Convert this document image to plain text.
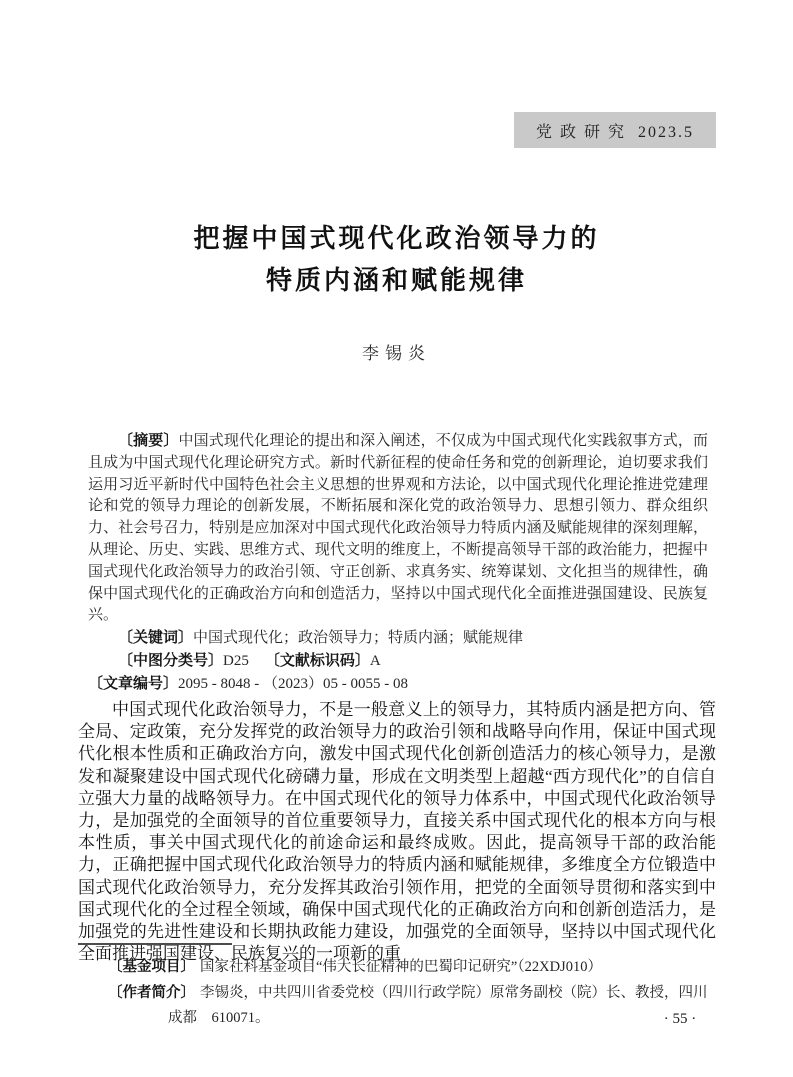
党 政 研 究  2023.5
把握中国式现代化政治领导力的
特质内涵和赋能规律
李锡炎

〔摘要〕中国式现代化理论的提出和深入阐述，不仅成为中国式现代化实践叙事方式，而且成为中国式现代化理论研究方式。新时代新征程的使命任务和党的创新理论，迫切要求我们运用习近平新时代中国特色社会主义思想的世界观和方法论，以中国式现代化理论推进党建理论和党的领导力理论的创新发展，不断拓展和深化党的政治领导力、思想引领力、群众组织力、社会号召力，特别是应加深对中国式现代化政治领导力特质内涵及赋能规律的深刻理解，从理论、历史、实践、思维方式、现代文明的维度上，不断提高领导干部的政治能力，把握中国式现代化政治领导力的政治引领、守正创新、求真务实、统筹谋划、文化担当的规律性，确保中国式现代化的正确政治方向和创造活力，坚持以中国式现代化全面推进强国建设、民族复兴。

〔关键词〕中国式现代化；政治领导力；特质内涵；赋能规律

〔中图分类号〕D25 〔文献标识码〕A〔文章编号〕2095 - 8048 - （2023）05 - 0055 - 08

中国式现代化政治领导力，不是一般意义上的领导力，其特质内涵是把方向、管全局、定政策，充分发挥党的政治领导力的政治引领和战略导向作用，保证中国式现代化根本性质和正确政治方向，激发中国式现代化创新创造活力的核心领导力，是激发和凝聚建设中国式现代化磅礴力量，形成在文明类型上超越“西方现代化”的自信自立强大力量的战略领导力。在中国式现代化的领导力体系中，中国式现代化政治领导力，是加强党的全面领导的首位重要领导力，直接关系中国式现代化的根本方向与根本性质，事关中国式现代化的前途命运和最终成败。因此，提高领导干部的政治能力，正确把握中国式现代化政治领导力的特质内涵和赋能规律，多维度全方位锻造中国式现代化政治领导力，充分发挥其政治引领作用，把党的全面领导贯彻和落实到中国式现代化的全过程全领域，确保中国式现代化的正确政治方向和创新创造活力，是加强党的先进性建设和长期执政能力建设，加强党的全面领导，坚持以中国式现代化全面推进强国建设、民族复兴的一项新的重

〔基金项目〕 国家社科基金项目“伟大长征精神的巴蜀印记研究”（22XDJ010）
〔作者简介〕 李锡炎，中共四川省委党校（四川行政学院）原常务副校（院）长、教授，四川　成都　610071。	· 55 ·
